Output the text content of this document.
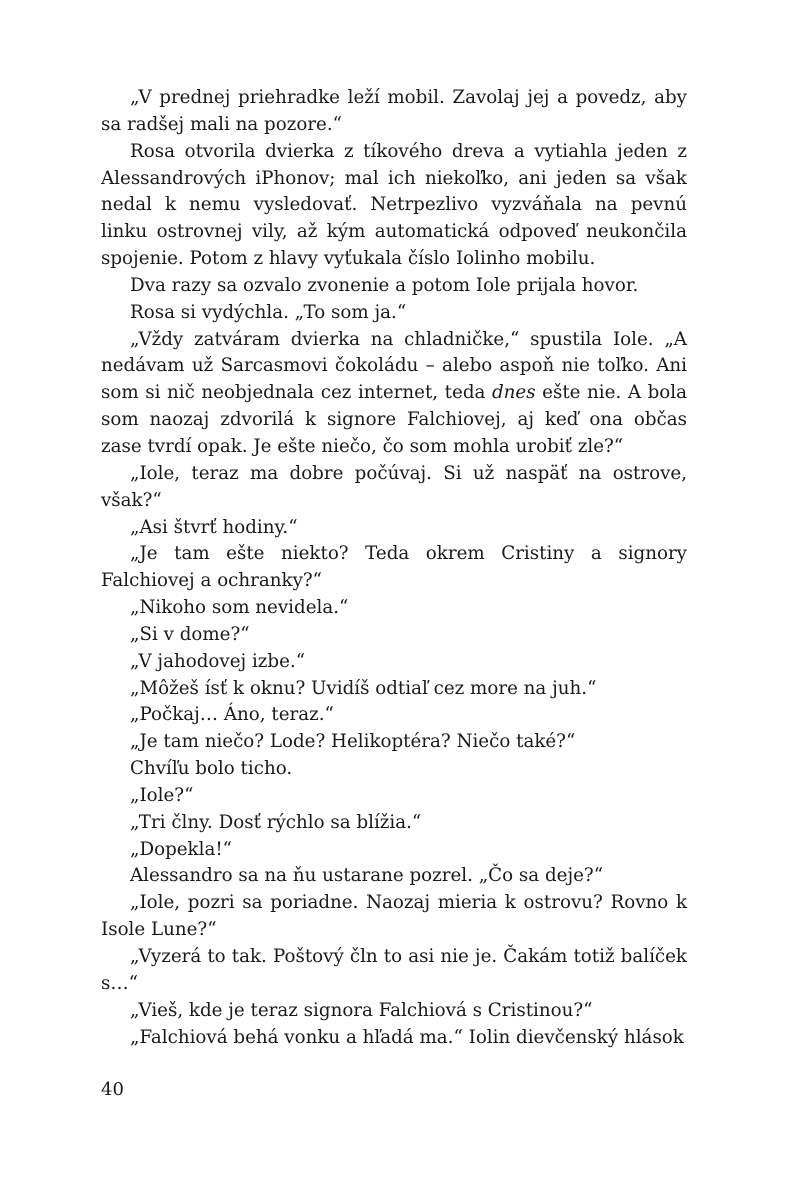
„V prednej priehradke leží mobil. Zavolaj jej a povedz, aby sa radšej mali na pozore.“

Rosa otvorila dvierka z tíkového dreva a vytiahla jeden z Alessandrových iPhonov; mal ich niekoľko, ani jeden sa však nedal k nemu vysledovať. Netrpezlivo vyzváňala na pevnú linku ostrovnej vily, až kým automatická odpoveď neukončila spojenie. Potom z hlavy vyťukala číslo Iolinho mobilu.

Dva razy sa ozvalo zvonenie a potom Iole prijala hovor.

Rosa si vydýchla. „To som ja.“

„Vždy zatváram dvierka na chladničke,“ spustila Iole. „A nedávam už Sarcasmovi čokoládu – alebo aspoň nie toľko. Ani som si nič neobjednala cez internet, teda dnes ešte nie. A bola som naozaj zdvorilá k signore Falchiovej, aj keď ona občas zase tvrdí opak. Je ešte niečo, čo som mohla urobiť zle?“

„Iole, teraz ma dobre počúvaj. Si už naspäť na ostrove, však?“

„Asi štvrť hodiny.“

„Je tam ešte niekto? Teda okrem Cristiny a signory Falchiovej a ochranky?“

„Nikoho som nevidela.“

„Si v dome?“

„V jahodovej izbe.“

„Môžeš ísť k oknu? Uvidíš odtiaľ cez more na juh.“

„Počkaj… Áno, teraz.“

„Je tam niečo? Lode? Helikoptéra? Niečo také?“

Chvíľu bolo ticho.

„Iole?“

„Tri člny. Dosť rýchlo sa blížia.“

„Dopekla!“

Alessandro sa na ňu ustarane pozrel. „Čo sa deje?“

„Iole, pozri sa poriadne. Naozaj mieria k ostrovu? Rovno k Isole Lune?“

„Vyzerá to tak. Poštový čln to asi nie je. Čakám totiž balíček s…“

„Vieš, kde je teraz signora Falchiová s Cristinou?“

„Falchiová behá vonku a hľadá ma.“ Iolin dievčenský hlások

40
